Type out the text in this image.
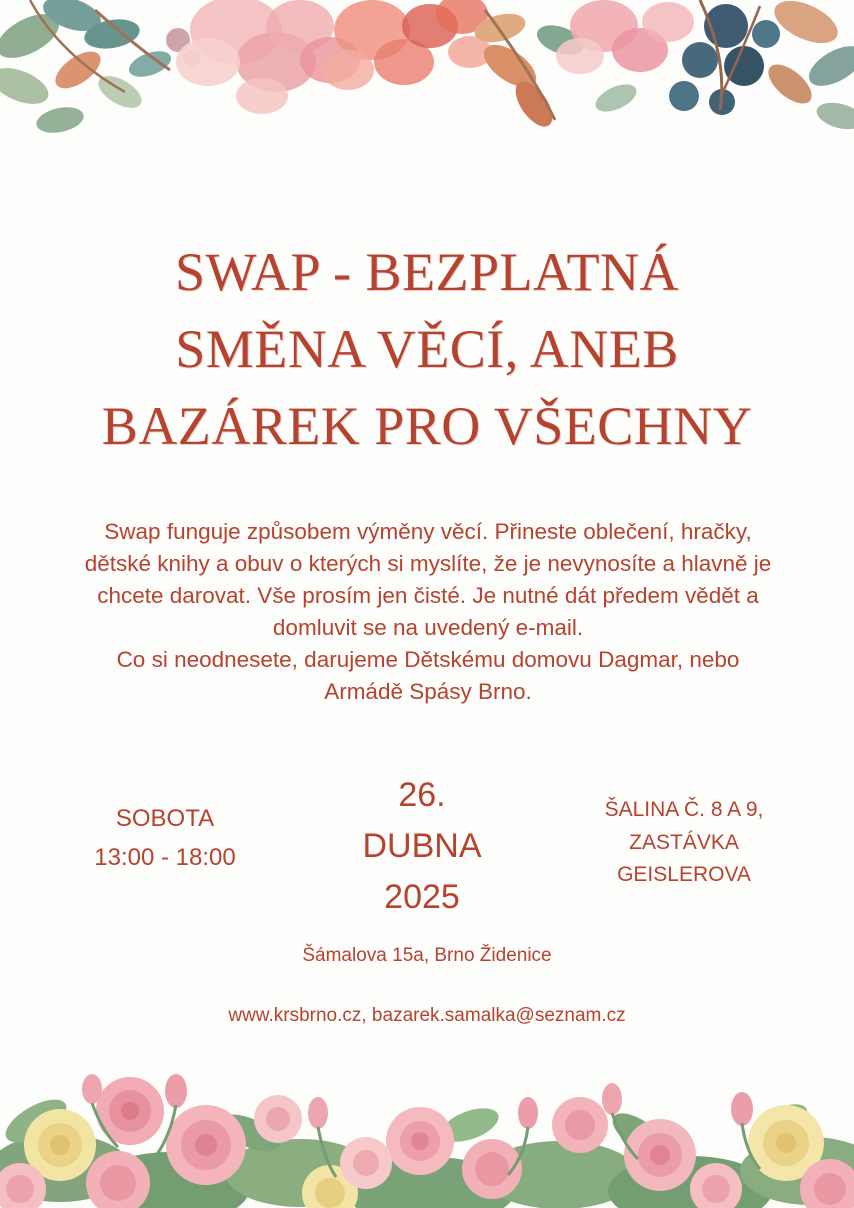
SWAP - BEZPLATNÁ
SMĚNA VĚCÍ, ANEB
BAZÁREK PRO VŠECHNY

Swap funguje způsobem výměny věcí. Přineste oblečení, hračky, dětské knihy a obuv o kterých si myslíte, že je nevynosíte a hlavně je chcete darovat. Vše prosím jen čisté. Je nutné dát předem vědět a domluvit se na uvedený e-mail.

Co si neodnesete, darujeme Dětskému domovu Dagmar, nebo Armádě Spásy Brno.

SOBOTA
13:00 - 18:00
26.
DUBNA
2025
ŠALINA Č. 8 A 9,
ZASTÁVKA
GEISLEROVA
Šámalova 15a, Brno Židenice
www.krsbrno.cz, bazarek.samalka@seznam.cz
